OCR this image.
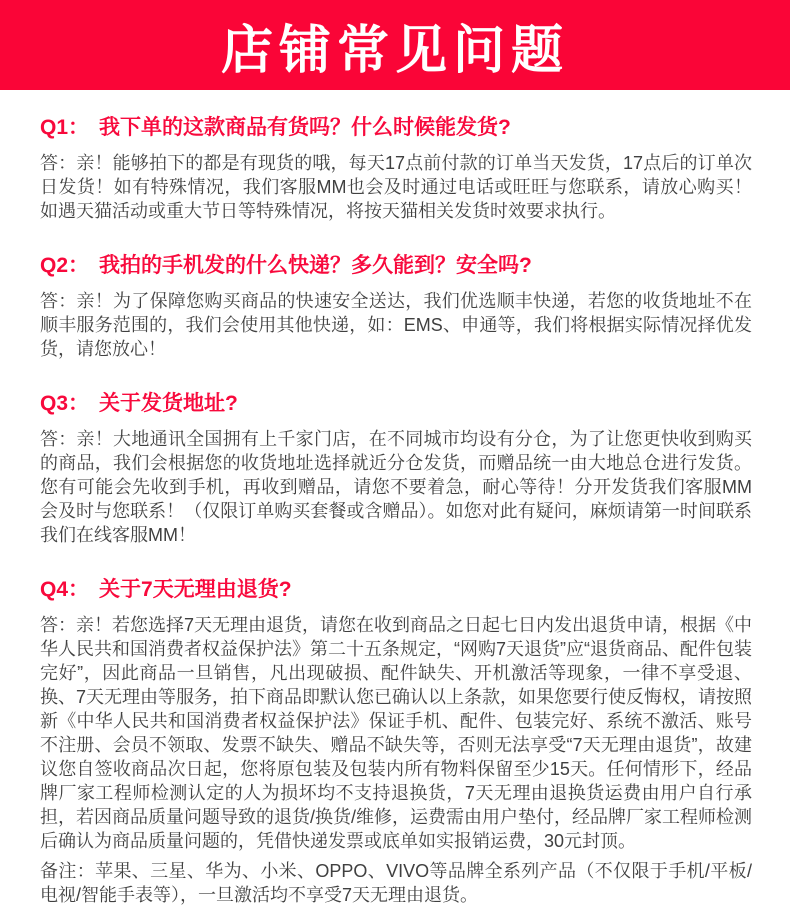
店铺常见问题
Q1： 我下单的这款商品有货吗？什么时候能发货?

答：亲！能够拍下的都是有现货的哦，每天17点前付款的订单当天发货，17点后的订单次日发货！如有特殊情况，我们客服MM也会及时通过电话或旺旺与您联系，请放心购买！如遇天猫活动或重大节日等特殊情况，将按天猫相关发货时效要求执行。

Q2： 我拍的手机发的什么快递？多久能到？安全吗?

答：亲！为了保障您购买商品的快速安全送达，我们优选顺丰快递，若您的收货地址不在顺丰服务范围的，我们会使用其他快递，如：EMS、申通等，我们将根据实际情况择优发货，请您放心！

Q3： 关于发货地址?

答：亲！大地通讯全国拥有上千家门店，在不同城市均设有分仓，为了让您更快收到购买的商品，我们会根据您的收货地址选择就近分仓发货，而赠品统一由大地总仓进行发货。您有可能会先收到手机，再收到赠品，请您不要着急，耐心等待！分开发货我们客服MM会及时与您联系！（仅限订单购买套餐或含赠品）。如您对此有疑问，麻烦请第一时间联系我们在线客服MM！

Q4： 关于7天无理由退货?

答：亲！若您选择7天无理由退货，请您在收到商品之日起七日内发出退货申请，根据《中华人民共和国消费者权益保护法》第二十五条规定，“网购7天退货”应“退货商品、配件包装完好”，因此商品一旦销售，凡出现破损、配件缺失、开机激活等现象，一律不享受退、换、7天无理由等服务，拍下商品即默认您已确认以上条款，如果您要行使反悔权，请按照新《中华人民共和国消费者权益保护法》保证手机、配件、包装完好、系统不激活、账号不注册、会员不领取、发票不缺失、赠品不缺失等，否则无法享受“7天无理由退货”，故建议您自签收商品次日起，您将原包装及包装内所有物料保留至少15天。任何情形下，经品牌厂家工程师检测认定的人为损坏均不支持退换货，7天无理由退换货运费由用户自行承担，若因商品质量问题导致的退货/换货/维修，运费需由用户垫付，经品牌厂家工程师检测后确认为商品质量问题的，凭借快递发票或底单如实报销运费，30元封顶。

备注：苹果、三星、华为、小米、OPPO、VIVO等品牌全系列产品（不仅限于手机/平板/电视/智能手表等），一旦激活均不享受7天无理由退货。
